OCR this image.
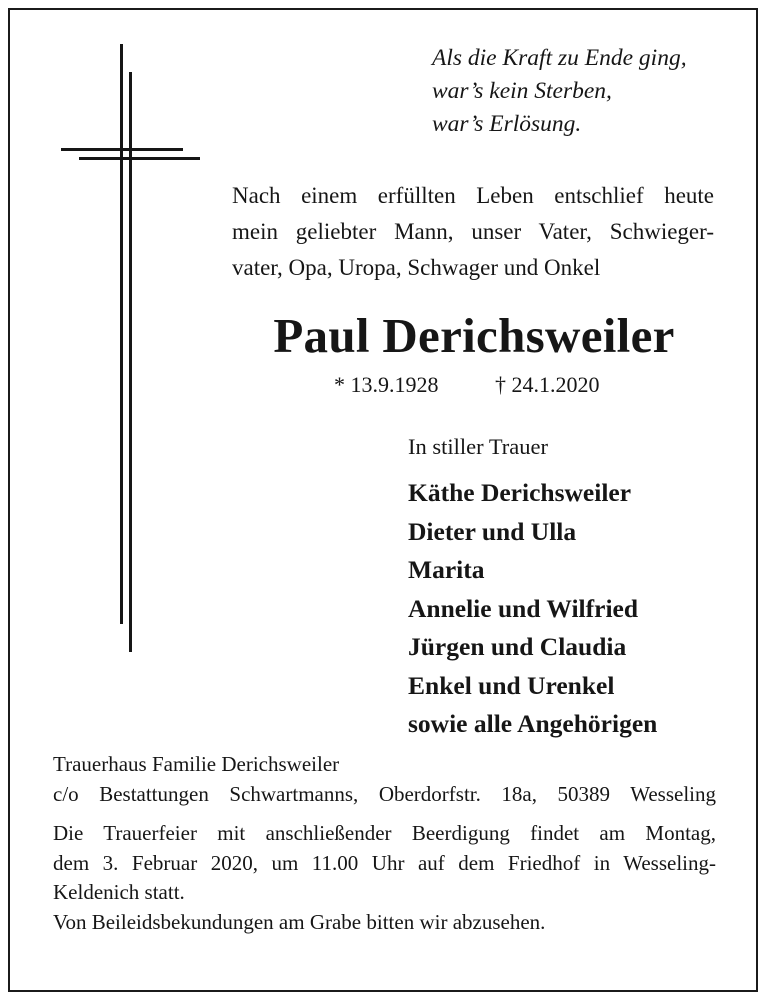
Als die Kraft zu Ende ging,
war’s kein Sterben,
war’s Erlösung.
Nach einem erfüllten Leben entschlief heute
mein geliebter Mann, unser Vater, Schwieger-
vater, Opa, Uropa, Schwager und Onkel
Paul Derichsweiler
* 13.9.1928	† 24.1.2020
In stiller Trauer
Käthe Derichsweiler
Dieter und Ulla
Marita
Annelie und Wilfried
Jürgen und Claudia
Enkel und Urenkel
sowie alle Angehörigen
Trauerhaus Familie Derichsweiler
c/o Bestattungen Schwartmanns, Oberdorfstr. 18a, 50389 Wesseling
Die Trauerfeier mit anschließender Beerdigung findet am Montag,
dem 3. Februar 2020, um 11.00 Uhr auf dem Friedhof in Wesseling-
Keldenich statt.
Von Beileidsbekundungen am Grabe bitten wir abzusehen.
